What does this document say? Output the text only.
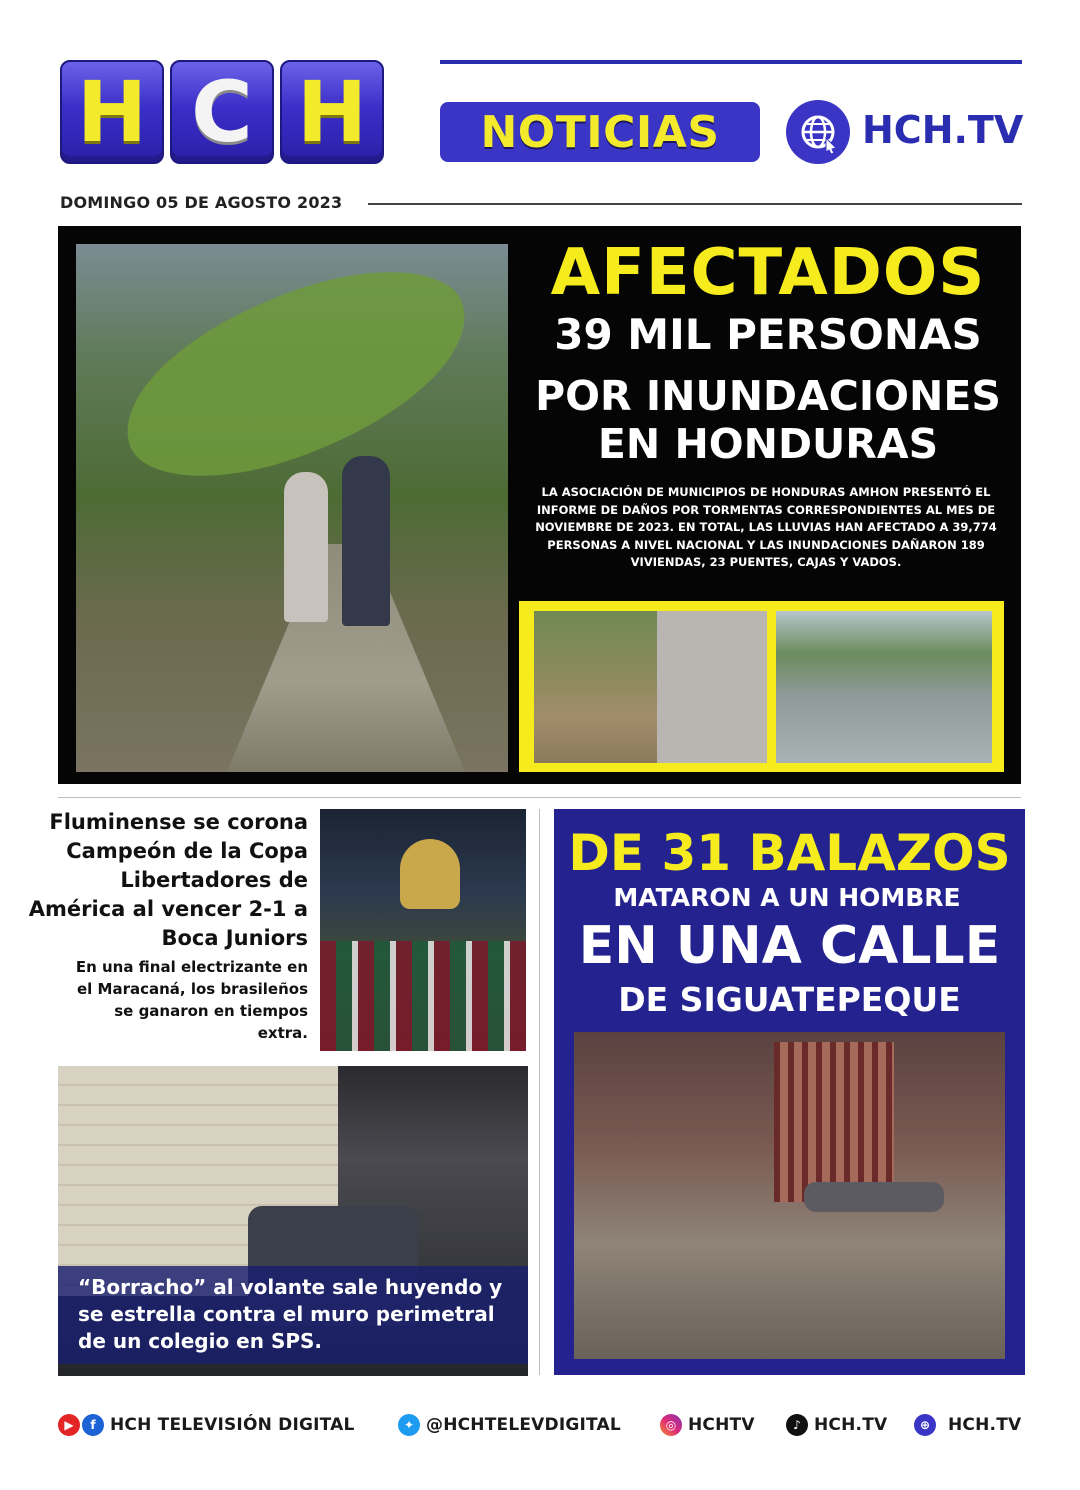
H C H	NOTICIAS	HCH.TV
DOMINGO 05 DE AGOSTO 2023
AFECTADOS
39 MIL PERSONAS
POR INUNDACIONES EN HONDURAS
LA ASOCIACIÓN DE MUNICIPIOS DE HONDURAS AMHON PRESENTÓ EL INFORME DE DAÑOS POR TORMENTAS CORRESPONDIENTES AL MES DE NOVIEMBRE DE 2023. EN TOTAL, LAS LLUVIAS HAN AFECTADO A 39,774 PERSONAS A NIVEL NACIONAL Y LAS INUNDACIONES DAÑARON 189 VIVIENDAS, 23 PUENTES, CAJAS Y VADOS.
Fluminense se corona Campeón de la Copa Libertadores de América al vencer 2-1 a Boca Juniors
En una final electrizante en el Maracaná, los brasileños se ganaron en tiempos extra.
“Borracho” al volante sale huyendo y se estrella contra el muro perimetral de un colegio en SPS.
DE 31 BALAZOS
MATARON A UN HOMBRE
EN UNA CALLE
DE SIGUATEPEQUE
▶	f HCH TELEVISIÓN DIGITAL	✦ @HCHTELEVDIGITAL	◎ HCHTV	♪ HCH.TV	⊕	HCH.TV
